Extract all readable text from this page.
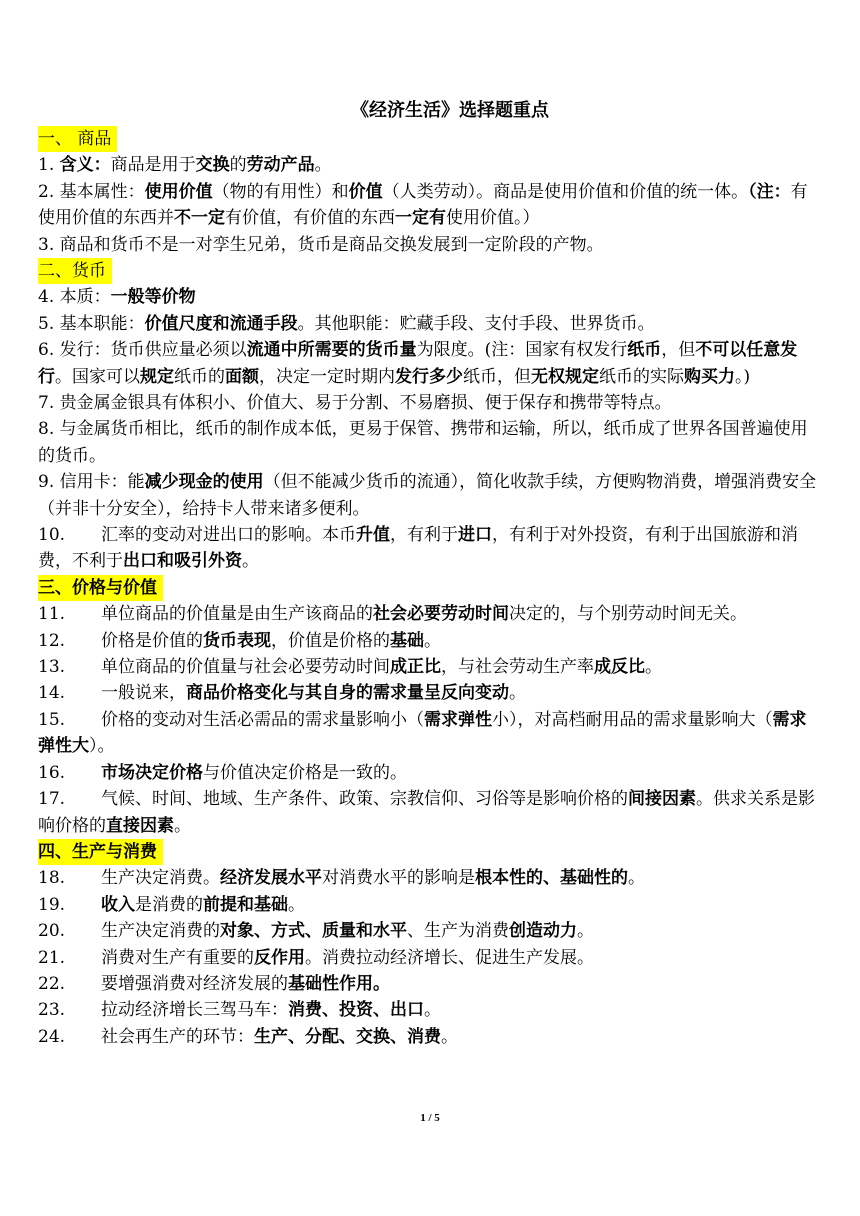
《经济生活》选择题重点
一、 商品
1. 含义：商品是用于交换的劳动产品。
2. 基本属性：使用价值（物的有用性）和价值（人类劳动）。商品是使用价值和价值的统一体。（注：有使用价值的东西并不一定有价值，有价值的东西一定有使用价值。）
3. 商品和货币不是一对孪生兄弟，货币是商品交换发展到一定阶段的产物。
二、货币
4. 本质：一般等价物
5. 基本职能：价值尺度和流通手段。其他职能：贮藏手段、支付手段、世界货币。
6. 发行：货币供应量必须以流通中所需要的货币量为限度。(注：国家有权发行纸币，但不可以任意发行。国家可以规定纸币的面额，决定一定时期内发行多少纸币，但无权规定纸币的实际购买力。)
7. 贵金属金银具有体积小、价值大、易于分割、不易磨损、便于保存和携带等特点。
8. 与金属货币相比，纸币的制作成本低，更易于保管、携带和运输，所以，纸币成了世界各国普遍使用的货币。
9. 信用卡：能减少现金的使用（但不能减少货币的流通），简化收款手续，方便购物消费，增强消费安全（并非十分安全），给持卡人带来诸多便利。
10. 汇率的变动对进出口的影响。本币升值，有利于进口，有利于对外投资，有利于出国旅游和消费，不利于出口和吸引外资。
三、价格与价值
11. 单位商品的价值量是由生产该商品的社会必要劳动时间决定的，与个别劳动时间无关。
12. 价格是价值的货币表现，价值是价格的基础。
13. 单位商品的价值量与社会必要劳动时间成正比，与社会劳动生产率成反比。
14. 一般说来，商品价格变化与其自身的需求量呈反向变动。
15. 价格的变动对生活必需品的需求量影响小（需求弹性小），对高档耐用品的需求量影响大（需求弹性大）。
16. 市场决定价格与价值决定价格是一致的。
17. 气候、时间、地域、生产条件、政策、宗教信仰、习俗等是影响价格的间接因素。供求关系是影响价格的直接因素。
四、生产与消费
18. 生产决定消费。经济发展水平对消费水平的影响是根本性的、基础性的。
19. 收入是消费的前提和基础。
20. 生产决定消费的对象、方式、质量和水平、生产为消费创造动力。
21. 消费对生产有重要的反作用。消费拉动经济增长、促进生产发展。
22. 要增强消费对经济发展的基础性作用。
23. 拉动经济增长三驾马车：消费、投资、出口。
24. 社会再生产的环节：生产、分配、交换、消费。
1 / 5
